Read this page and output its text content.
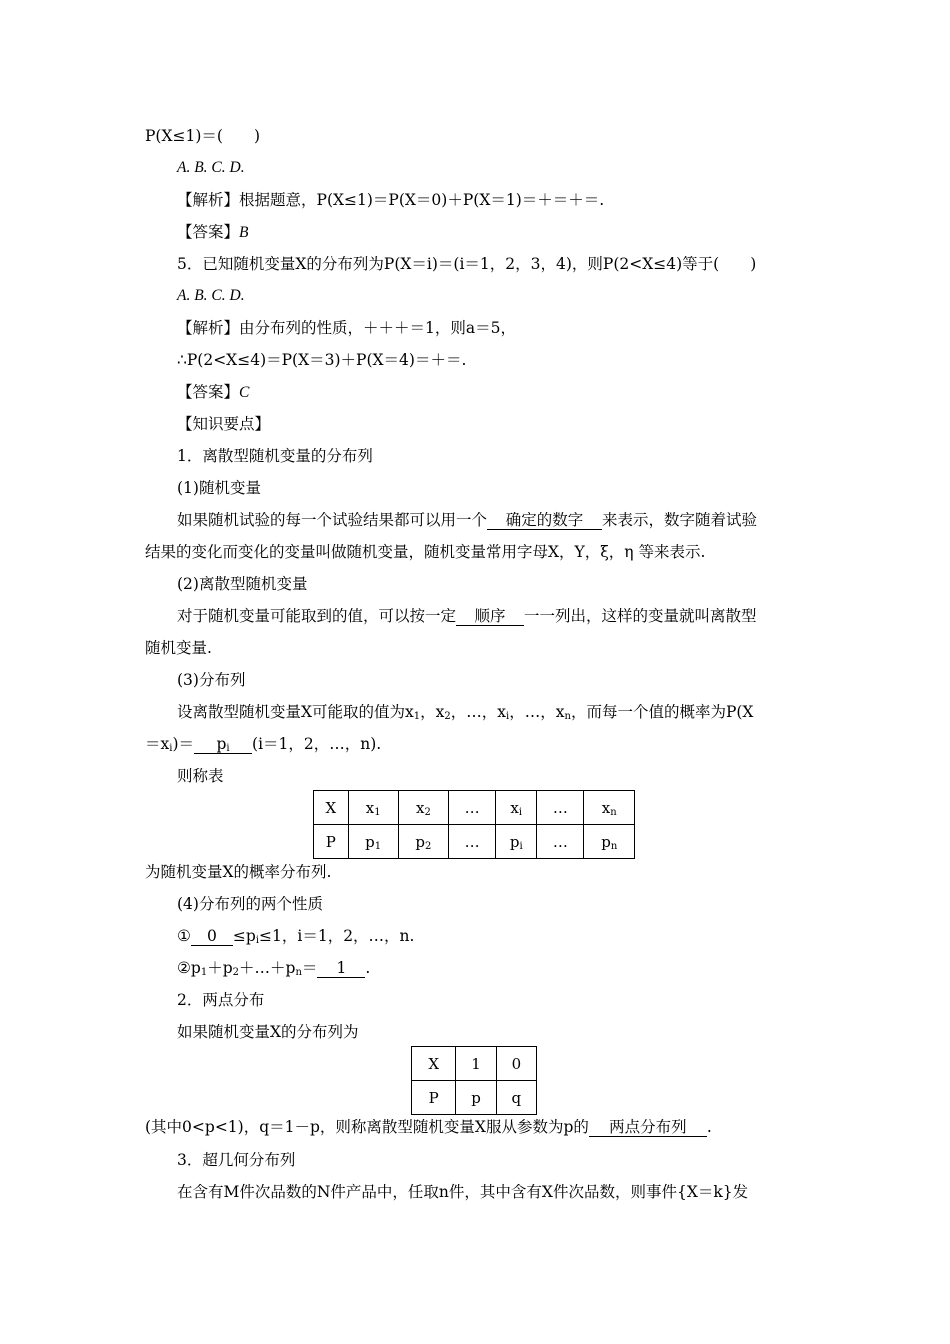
P(X≤1)＝(　　)
A. B. C. D.
【解析】根据题意，P(X≤1)＝P(X＝0)＋P(X＝1)＝＋＝＋＝.
【答案】B
5．已知随机变量X的分布列为P(X＝i)＝(i＝1，2，3，4)，则P(2<X≤4)等于(　　)
A. B. C. D.
【解析】由分布列的性质，＋＋＋＝1，则a＝5，
∴P(2<X≤4)＝P(X＝3)＋P(X＝4)＝＋＝.
【答案】C
【知识要点】
1．离散型随机变量的分布列
(1)随机变量
如果随机试验的每一个试验结果都可以用一个 确定的数字 来表示，数字随着试验
结果的变化而变化的变量叫做随机变量，随机变量常用字母X，Y，ξ，η 等来表示.
(2)离散型随机变量
对于随机变量可能取到的值，可以按一定 顺序 一一列出，这样的变量就叫离散型
随机变量.
(3)分布列
设离散型随机变量X可能取的值为$x_1$，$x_2$，…，$x_i$，…，$x_n$，而每一个值的概率为P(X
$=x_i)= p_i$ (i＝1，2，…，n).
则称表
X	$x_1$	$x_2$	…	$x_i$	…	$x_n$
P	$p_1$	$p_2$	…	$p_i$	…	$p_n$
为随机变量X的概率分布列.
(4)分布列的两个性质
① $0 \le p_i\le 1$，i＝1，2，…，n.
$②p_1+p_2+\dots+p_n= 1$ .
2．两点分布
如果随机变量X的分布列为
X	1	0
P	p	q
(其中0<p<1)，q＝1－p，则称离散型随机变量X服从参数为p的 两点分布列 .
3．超几何分布列
在含有M件次品数的N件产品中，任取n件，其中含有X件次品数，则事件{X＝k}发
